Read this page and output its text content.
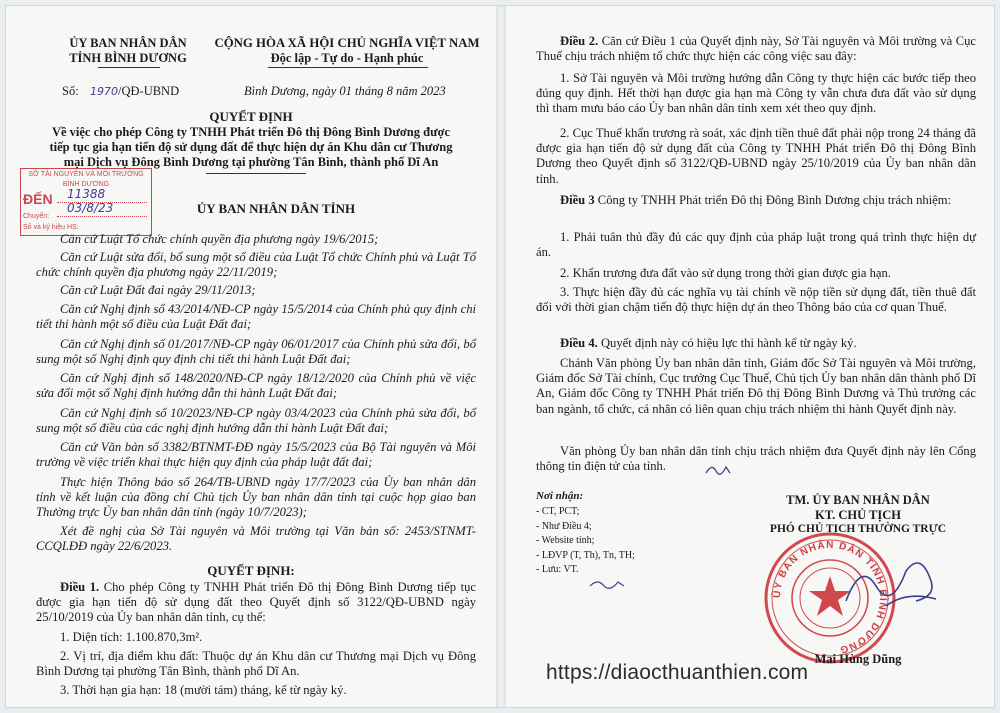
ỦY BAN NHÂN DÂN
TỈNH BÌNH DƯƠNG
CỘNG HÒA XÃ HỘI CHỦ NGHĨA VIỆT NAM
Độc lập - Tự do - Hạnh phúc
Số: 1970/QĐ-UBND	Bình Dương, ngày 01 tháng 8 năm 2023
QUYẾT ĐỊNH
Về việc cho phép Công ty TNHH Phát triển Đô thị Đông Bình Dương được
tiếp tục gia hạn tiến độ sử dụng đất để thực hiện dự án Khu dân cư Thương
mại Dịch vụ Đông Bình Dương tại phường Tân Bình, thành phố Dĩ An
ỦY BAN NHÂN DÂN TỈNH
SỞ TÀI NGUYÊN VÀ MÔI TRƯỜNG
BÌNH DƯƠNG
ĐẾN 11388
03/8/23
Chuyển:
Số và ký hiệu HS:
Căn cứ Luật Tổ chức chính quyền địa phương ngày 19/6/2015;
Căn cứ Luật sửa đổi, bổ sung một số điều của Luật Tổ chức Chính phủ và Luật Tổ chức chính quyền địa phương ngày 22/11/2019;
Căn cứ Luật Đất đai ngày 29/11/2013;
Căn cứ Nghị định số 43/2014/NĐ-CP ngày 15/5/2014 của Chính phủ quy định chi tiết thi hành một số điều của Luật Đất đai;
Căn cứ Nghị định số 01/2017/NĐ-CP ngày 06/01/2017 của Chính phủ sửa đổi, bổ sung một số Nghị định quy định chi tiết thi hành Luật Đất đai;
Căn cứ Nghị định số 148/2020/NĐ-CP ngày 18/12/2020 của Chính phủ về việc sửa đổi một số Nghị định hướng dẫn thi hành Luật Đất đai;
Căn cứ Nghị định số 10/2023/NĐ-CP ngày 03/4/2023 của Chính phủ sửa đổi, bổ sung một số điều của các nghị định hướng dẫn thi hành Luật Đất đai;
Căn cứ Văn bản số 3382/BTNMT-ĐĐ ngày 15/5/2023 của Bộ Tài nguyên và Môi trường về việc triển khai thực hiện quy định của pháp luật đất đai;
Thực hiện Thông báo số 264/TB-UBND ngày 17/7/2023 của Ủy ban nhân dân tỉnh về kết luận của đồng chí Chủ tịch Ủy ban nhân dân tỉnh tại cuộc họp giao ban Thường trực Ủy ban nhân dân tỉnh (ngày 10/7/2023);
Xét đề nghị của Sở Tài nguyên và Môi trường tại Văn bản số: 2453/STNMT-CCQLĐĐ ngày 22/6/2023.
QUYẾT ĐỊNH:
Điều 1. Cho phép Công ty TNHH Phát triển Đô thị Đông Bình Dương tiếp tục được gia hạn tiến độ sử dụng đất theo Quyết định số 3122/QĐ-UBND ngày 25/10/2019 của Ủy ban nhân dân tỉnh, cụ thể:
1. Diện tích: 1.100.870,3m².
2. Vị trí, địa điểm khu đất: Thuộc dự án Khu dân cư Thương mại Dịch vụ Đông Bình Dương tại phường Tân Bình, thành phố Dĩ An.
3. Thời hạn gia hạn: 18 (mười tám) tháng, kể từ ngày ký.
Điều 2. Căn cứ Điều 1 của Quyết định này, Sở Tài nguyên và Môi trường và Cục Thuế chịu trách nhiệm tổ chức thực hiện các công việc sau đây:
1. Sở Tài nguyên và Môi trường hướng dẫn Công ty thực hiện các bước tiếp theo đúng quy định. Hết thời hạn được gia hạn mà Công ty vẫn chưa đưa đất vào sử dụng thì tham mưu báo cáo Ủy ban nhân dân tỉnh xem xét theo quy định.
2. Cục Thuế khẩn trương rà soát, xác định tiền thuê đất phải nộp trong 24 tháng đã được gia hạn tiến độ sử dụng đất của Công ty TNHH Phát triển Đô thị Đông Bình Dương theo Quyết định số 3122/QĐ-UBND ngày 25/10/2019 của Ủy ban nhân dân tỉnh.
Điều 3 Công ty TNHH Phát triển Đô thị Đông Bình Dương chịu trách nhiệm:
1. Phải tuân thủ đầy đủ các quy định của pháp luật trong quá trình thực hiện dự án.
2. Khẩn trương đưa đất vào sử dụng trong thời gian được gia hạn.
3. Thực hiện đầy đủ các nghĩa vụ tài chính về nộp tiền sử dụng đất, tiền thuê đất đối với thời gian chậm tiến độ thực hiện dự án theo Thông báo của cơ quan Thuế.
Điều 4. Quyết định này có hiệu lực thi hành kể từ ngày ký.
Chánh Văn phòng Ủy ban nhân dân tỉnh, Giám đốc Sở Tài nguyên và Môi trường, Giám đốc Sở Tài chính, Cục trưởng Cục Thuế, Chủ tịch Ủy ban nhân dân thành phố Dĩ An, Giám đốc Công ty TNHH Phát triển Đô thị Đông Bình Dương và Thủ trưởng các ban ngành, tổ chức, cá nhân có liên quan chịu trách nhiệm thi hành Quyết định này.
Văn phòng Ủy ban nhân dân tỉnh chịu trách nhiệm đưa Quyết định này lên Cổng thông tin điện tử của tỉnh.
Nơi nhận:
- CT, PCT;
- Như Điều 4;
- Website tỉnh;
- LĐVP (T, Th), Tn, TH;
- Lưu: VT.
TM. ỦY BAN NHÂN DÂN
KT. CHỦ TỊCH
PHÓ CHỦ TỊCH THƯỜNG TRỰC
ỦY BAN NHÂN DÂN TỈNH BÌNH DƯƠNG
Mai Hùng Dũng
https://diaocthuanthien.com
